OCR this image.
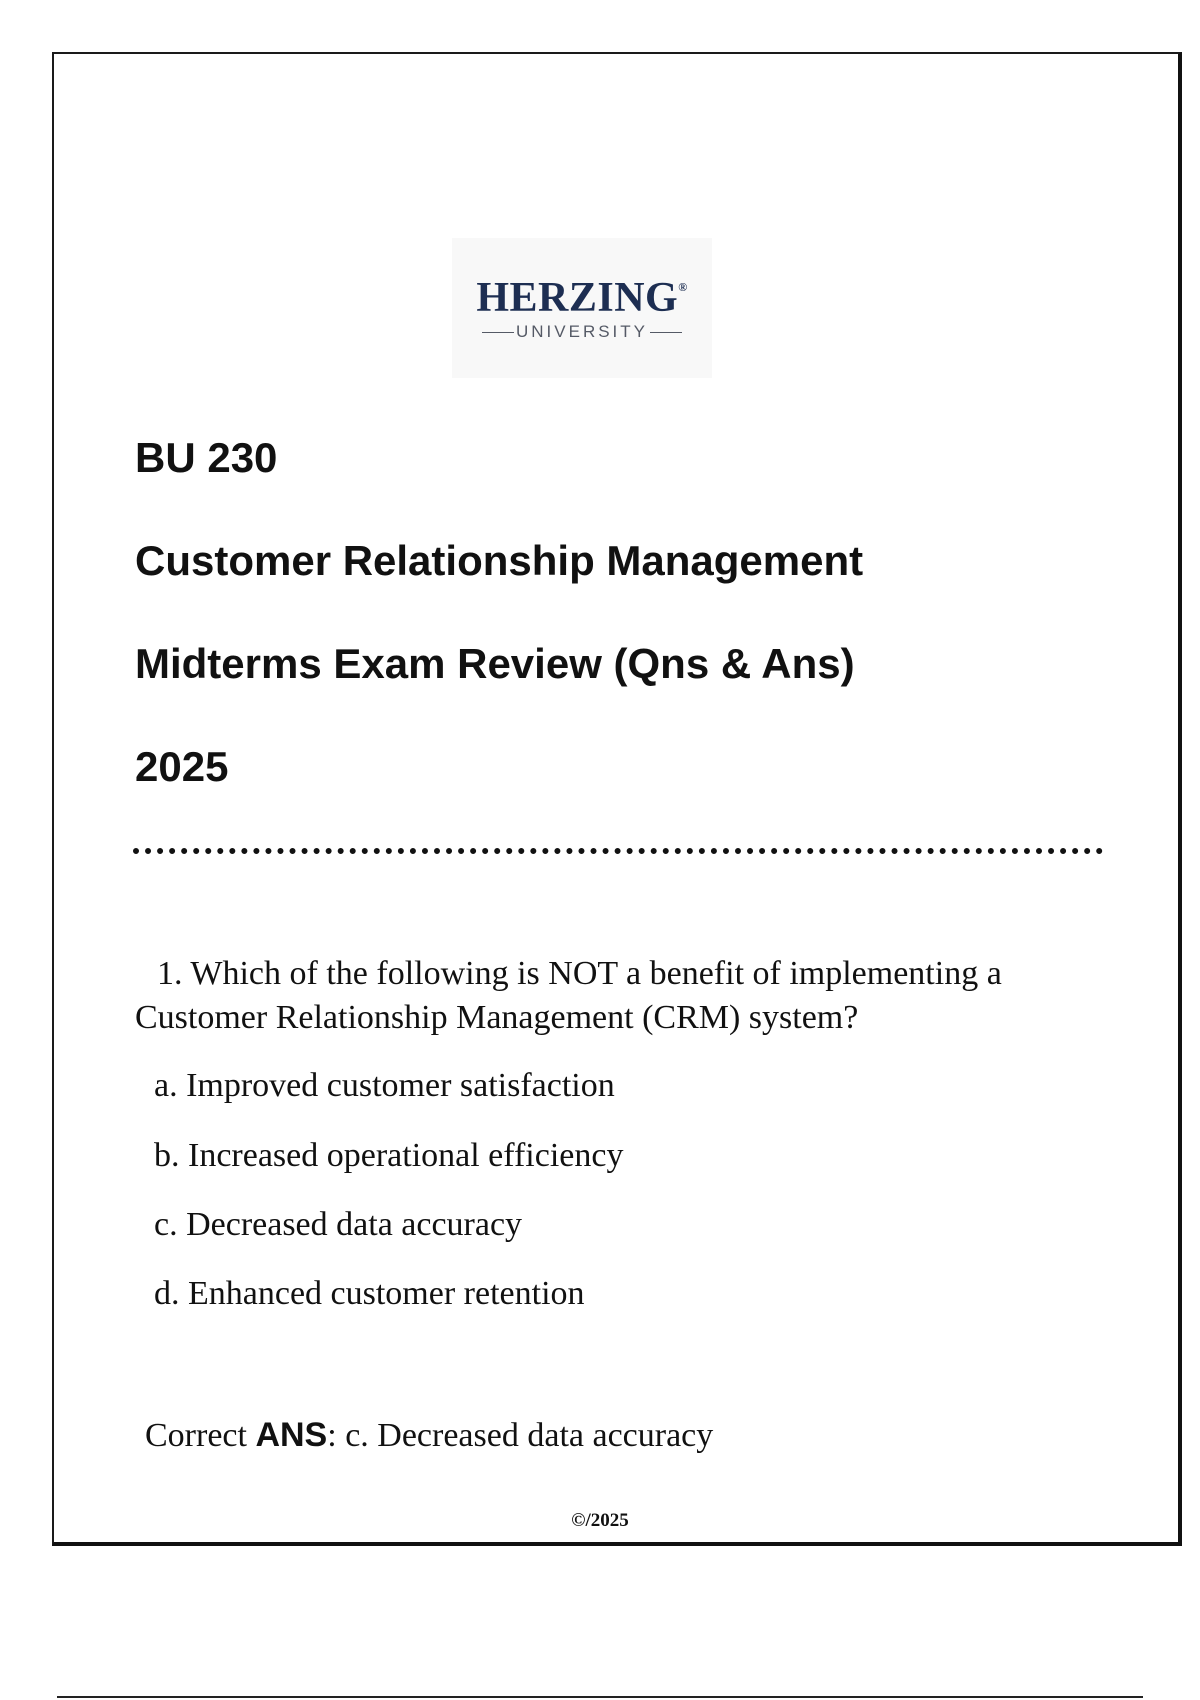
HERZING®
UNIVERSITY
BU 230
Customer Relationship Management
Midterms Exam Review (Qns & Ans)
2025
1. Which of the following is NOT a benefit of implementing a Customer Relationship Management (CRM) system?
a. Improved customer satisfaction
b. Increased operational efficiency
c. Decreased data accuracy
d. Enhanced customer retention
Correct ANS: c. Decreased data accuracy
©/2025
